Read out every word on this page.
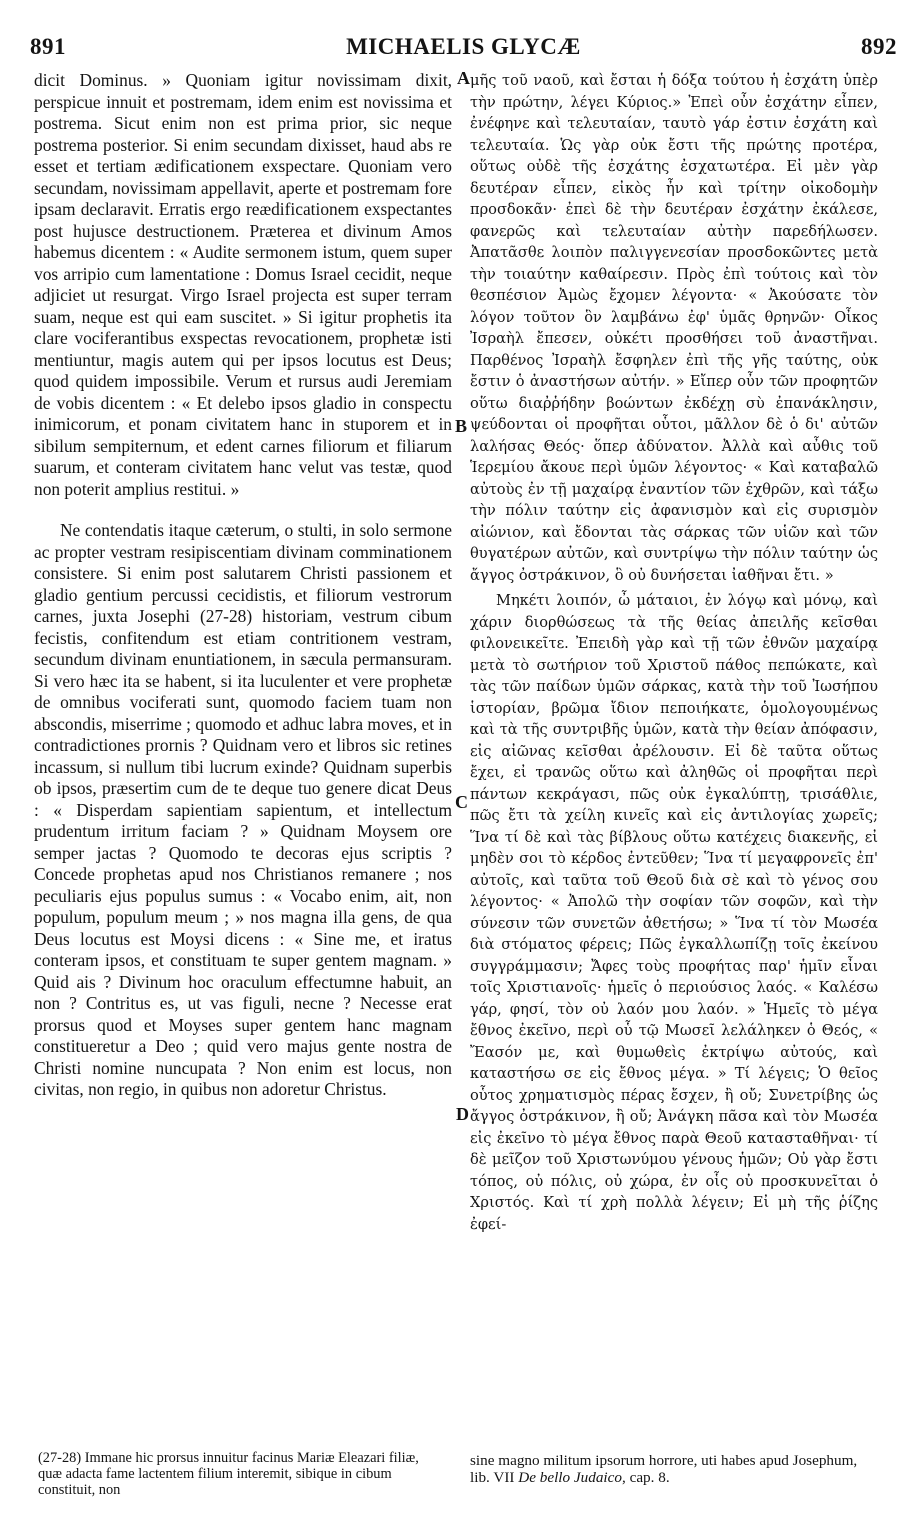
891	MICHAELIS GLYCÆ	892

dicit Dominus. » Quoniam igitur novissimam dixit, perspicue innuit et postremam, idem enim est novissima et postrema. Sicut enim non est prima prior, sic neque postrema posterior. Si enim secundam dixisset, haud abs re esset et tertiam ædificationem exspectare. Quoniam vero secundam, novissimam appellavit, aperte et postremam fore ipsam declaravit. Erratis ergo reædificationem exspectantes post hujusce destructionem. Præterea et divinum Amos habemus dicentem : « Audite sermonem istum, quem super vos arripio cum lamentatione : Domus Israel cecidit, neque adjiciet ut resurgat. Virgo Israel projecta est super terram suam, neque est qui eam suscitet. » Si igitur prophetis ita clare vociferantibus exspectas revocationem, prophetæ isti mentiuntur, magis autem qui per ipsos locutus est Deus; quod quidem impossibile. Verum et rursus audi Jeremiam de vobis dicentem : « Et delebo ipsos gladio in conspectu inimicorum, et ponam civitatem hanc in stuporem et in sibilum sempiternum, et edent carnes filiorum et filiarum suarum, et conteram civitatem hanc velut vas testæ, quod non poterit amplius restitui. »

Ne contendatis itaque cæterum, o stulti, in solo sermone ac propter vestram resipiscentiam divinam comminationem consistere. Si enim post salutarem Christi passionem et gladio gentium percussi cecidistis, et filiorum vestrorum carnes, juxta Josephi (27-28) historiam, vestrum cibum fecistis, confitendum est etiam contritionem vestram, secundum divinam enuntiationem, in sæcula permansuram. Si vero hæc ita se habent, si ita luculenter et vere prophetæ de omnibus vociferati sunt, quomodo faciem tuam non abscondis, miserrime ; quomodo et adhuc labra moves, et in contradictiones prornis ? Quidnam vero et libros sic retines incassum, si nullum tibi lucrum exinde? Quidnam superbis ob ipsos, præsertim cum de te deque tuo genere dicat Deus : « Disperdam sapientiam sapientum, et intellectum prudentum irritum faciam ? » Quidnam Moysem ore semper jactas ? Quomodo te decoras ejus scriptis ? Concede prophetas apud nos Christianos remanere ; nos peculiaris ejus populus sumus : « Vocabo enim, ait, non populum, populum meum ; » nos magna illa gens, de qua Deus locutus est Moysi dicens : « Sine me, et iratus conteram ipsos, et constituam te super gentem magnam. » Quid ais ? Divinum hoc oraculum effectumne habuit, an non ? Contritus es, ut vas figuli, necne ? Necesse erat prorsus quod et Moyses super gentem hanc magnam constitueretur a Deo ; quid vero majus gente nostra de Christi nomine nuncupata ? Non enim est locus, non civitas, non regio, in quibus non adoretur Christus.

A
B
C
D

μῆς τοῦ ναοῦ, καὶ ἔσται ἡ δόξα τούτου ἡ ἐσχάτη ὑπὲρ τὴν πρώτην, λέγει Κύριος.» Ἐπεὶ οὖν ἐσχάτην εἶπεν, ἐνέφηνε καὶ τελευταίαν, ταυτὸ γάρ ἐστιν ἐσχάτη καὶ τελευταία. Ὡς γὰρ οὐκ ἔστι τῆς πρώτης προτέρα, οὕτως οὐδὲ τῆς ἐσχάτης ἐσχατωτέρα. Εἰ μὲν γὰρ δευτέραν εἶπεν, εἰκὸς ἦν καὶ τρίτην οἰκοδομὴν προσδοκᾶν· ἐπεὶ δὲ τὴν δευτέραν ἐσχάτην ἐκάλεσε, φανερῶς καὶ τελευταίαν αὐτὴν παρεδήλωσεν. Ἀπατᾶσθε λοιπὸν παλιγγενεσίαν προσδοκῶντες μετὰ τὴν τοιαύτην καθαίρεσιν. Πρὸς ἐπὶ τούτοις καὶ τὸν θεσπέσιον Ἀμὼς ἔχομεν λέγοντα· « Ἀκούσατε τὸν λόγον τοῦτον ὃν λαμβάνω ἐφ' ὑμᾶς θρηνῶν· Οἶκος Ἰσραὴλ ἔπεσεν, οὐκέτι προσθήσει τοῦ ἀναστῆναι. Παρθένος Ἰσραὴλ ἔσφηλεν ἐπὶ τῆς γῆς ταύτης, οὐκ ἔστιν ὁ ἀναστήσων αὐτήν. » Εἴπερ οὖν τῶν προφητῶν οὕτω διαῤῥήδην βοώντων ἐκδέχῃ σὺ ἐπανάκλησιν, ψεύδονται οἱ προφῆται οὗτοι, μᾶλλον δὲ ὁ δι' αὐτῶν λαλήσας Θεός· ὅπερ ἀδύνατον. Ἀλλὰ καὶ αὖθις τοῦ Ἱερεμίου ἄκουε περὶ ὑμῶν λέγοντος· « Καὶ καταβαλῶ αὐτοὺς ἐν τῇ μαχαίρᾳ ἐναντίον τῶν ἐχθρῶν, καὶ τάξω τὴν πόλιν ταύτην εἰς ἀφανισμὸν καὶ εἰς συρισμὸν αἰώνιον, καὶ ἔδονται τὰς σάρκας τῶν υἱῶν καὶ τῶν θυγατέρων αὐτῶν, καὶ συντρίψω τὴν πόλιν ταύτην ὡς ἄγγος ὀστράκινον, ὃ οὐ δυνήσεται ἰαθῆναι ἔτι. »

Μηκέτι λοιπόν, ὦ μάταιοι, ἐν λόγῳ καὶ μόνῳ, καὶ χάριν διορθώσεως τὰ τῆς θείας ἀπειλῆς κεῖσθαι φιλονεικεῖτε. Ἐπειδὴ γὰρ καὶ τῇ τῶν ἐθνῶν μαχαίρᾳ μετὰ τὸ σωτήριον τοῦ Χριστοῦ πάθος πεπώκατε, καὶ τὰς τῶν παίδων ὑμῶν σάρκας, κατὰ τὴν τοῦ Ἰωσήπου ἱστορίαν, βρῶμα ἴδιον πεποιήκατε, ὁμολογουμένως καὶ τὰ τῆς συντριβῆς ὑμῶν, κατὰ τὴν θείαν ἀπόφασιν, εἰς αἰῶνας κεῖσθαι ἀρέλουσιν. Εἰ δὲ ταῦτα οὕτως ἔχει, εἰ τρανῶς οὕτω καὶ ἀληθῶς οἱ προφῆται περὶ πάντων κεκράγασι, πῶς οὐκ ἐγκαλύπτῃ, τρισάθλιε, πῶς ἔτι τὰ χείλη κινεῖς καὶ εἰς ἀντιλογίας χωρεῖς; Ἵνα τί δὲ καὶ τὰς βίβλους οὕτω κατέχεις διακενῆς, εἰ μηδὲν σοι τὸ κέρδος ἐντεῦθεν; Ἵνα τί μεγαφρονεῖς ἐπ' αὐτοῖς, καὶ ταῦτα τοῦ Θεοῦ διὰ σὲ καὶ τὸ γένος σου λέγοντος· « Ἀπολῶ τὴν σοφίαν τῶν σοφῶν, καὶ τὴν σύνεσιν τῶν συνετῶν ἀθετήσω; » Ἵνα τί τὸν Μωσέα διὰ στόματος φέρεις; Πῶς ἐγκαλλωπίζῃ τοῖς ἐκείνου συγγράμμασιν; Ἄφες τοὺς προφήτας παρ' ἡμῖν εἶναι τοῖς Χριστιανοῖς· ἡμεῖς ὁ περιούσιος λαός. « Καλέσω γάρ, φησί, τὸν οὐ λαόν μου λαόν. » Ἡμεῖς τὸ μέγα ἔθνος ἐκεῖνο, περὶ οὗ τῷ Μωσεῖ λελάληκεν ὁ Θεός, « Ἔασόν με, καὶ θυμωθεὶς ἐκτρίψω αὐτούς, καὶ καταστήσω σε εἰς ἔθνος μέγα. » Τί λέγεις; Ὁ θεῖος οὗτος χρηματισμὸς πέρας ἔσχεν, ἢ οὔ; Συνετρίβης ὡς ἄγγος ὀστράκινον, ἢ οὔ; Ἀνάγκη πᾶσα καὶ τὸν Μωσέα εἰς ἐκεῖνο τὸ μέγα ἔθνος παρὰ Θεοῦ κατασταθῆναι· τί δὲ μεῖζον τοῦ Χριστωνύμου γένους ἡμῶν; Οὐ γὰρ ἔστι τόπος, οὐ πόλις, οὐ χώρα, ἐν οἷς οὐ προσκυνεῖται ὁ Χριστός. Καὶ τί χρὴ πολλὰ λέγειν; Εἰ μὴ τῆς ῥίζης ἐφεί-

(27-28) Immane hic prorsus innuitur facinus Mariæ Eleazari filiæ, quæ adacta fame lactentem filium interemit, sibique in cibum constituit, non
sine magno militum ipsorum horrore, uti habes apud Josephum, lib. VII De bello Judaico, cap. 8.
